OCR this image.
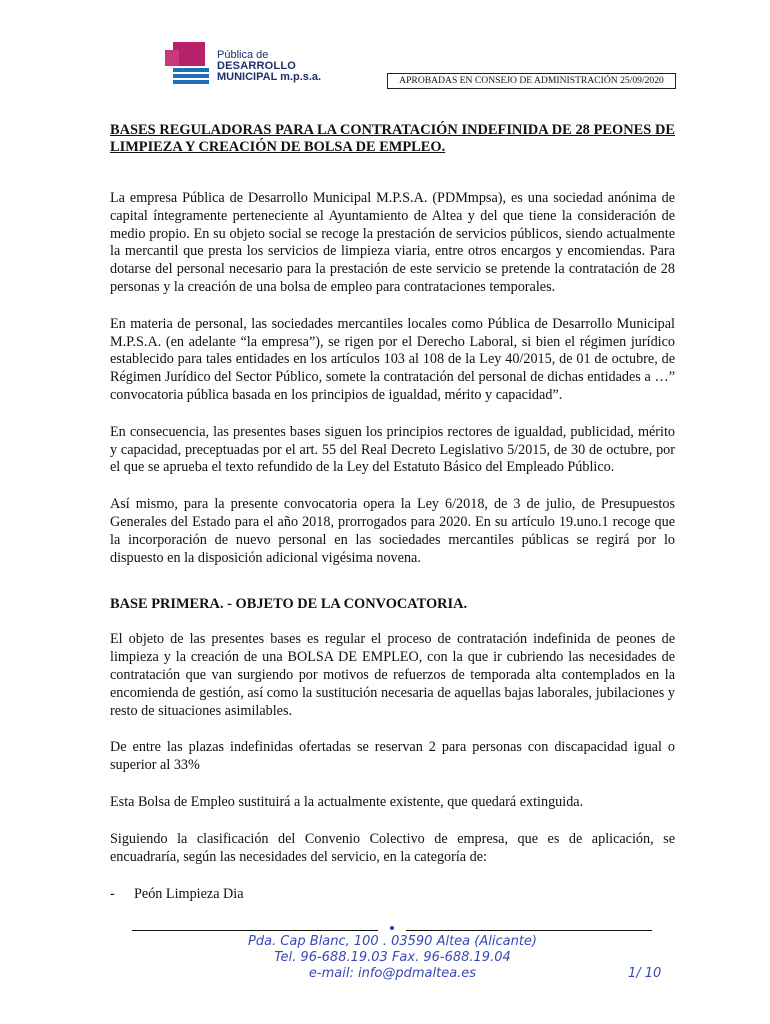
Pública de
DESARROLLO
MUNICIPAL m.p.s.a.	APROBADAS EN CONSEJO DE ADMINISTRACIÓN 25/09/2020

BASES REGULADORAS PARA LA CONTRATACIÓN INDEFINIDA DE 28 PEONES DE LIMPIEZA Y CREACIÓN DE BOLSA DE EMPLEO.

La empresa Pública de Desarrollo Municipal M.P.S.A. (PDMmpsa), es una sociedad anónima de capital íntegramente perteneciente al Ayuntamiento de Altea y del que tiene la consideración de medio propio. En su objeto social se recoge la prestación de servicios públicos, siendo actualmente la mercantil que presta los servicios de limpieza viaria, entre otros encargos y encomiendas. Para dotarse del personal necesario para la prestación de este servicio se pretende la contratación de 28 personas y la creación de una bolsa de empleo para contrataciones temporales.

En materia de personal, las sociedades mercantiles locales como Pública de Desarrollo Municipal M.P.S.A. (en adelante “la empresa”), se rigen por el Derecho Laboral, si bien el régimen jurídico establecido para tales entidades en los artículos 103 al 108 de la Ley 40/2015, de 01 de octubre, de Régimen Jurídico del Sector Público, somete la contratación del personal de dichas entidades a …” convocatoria pública basada en los principios de igualdad, mérito y capacidad”.

En consecuencia, las presentes bases siguen los principios rectores de igualdad, publicidad, mérito y capacidad, preceptuadas por el art. 55 del Real Decreto Legislativo 5/2015, de 30 de octubre, por el que se aprueba el texto refundido de la Ley del Estatuto Básico del Empleado Público.

Así mismo, para la presente convocatoria opera la Ley 6/2018, de 3 de julio, de Presupuestos Generales del Estado para el año 2018, prorrogados para 2020. En su artículo 19.uno.1 recoge que la incorporación de nuevo personal en las sociedades mercantiles públicas se regirá por lo dispuesto en la disposición adicional vigésima novena.

BASE PRIMERA. - OBJETO DE LA CONVOCATORIA.

El objeto de las presentes bases es regular el proceso de contratación indefinida de peones de limpieza y la creación de una BOLSA DE EMPLEO, con la que ir cubriendo las necesidades de contratación que van surgiendo por motivos de refuerzos de temporada alta contemplados en la encomienda de gestión, así como la sustitución necesaria de aquellas bajas laborales, jubilaciones y resto de situaciones asimilables.

De entre las plazas indefinidas ofertadas se reservan 2 para personas con discapacidad igual o superior al 33%

Esta Bolsa de Empleo sustituirá a la actualmente existente, que quedará extinguida.

Siguiendo la clasificación del Convenio Colectivo de empresa, que es de aplicación, se encuadraría, según las necesidades del servicio, en la categoría de:

- Peón Limpieza Dia
Pda. Cap Blanc, 100 . 03590 Altea (Alicante)
Tel. 96-688.19.03 Fax. 96-688.19.04
e-mail: info@pdmaltea.es	1/ 10
